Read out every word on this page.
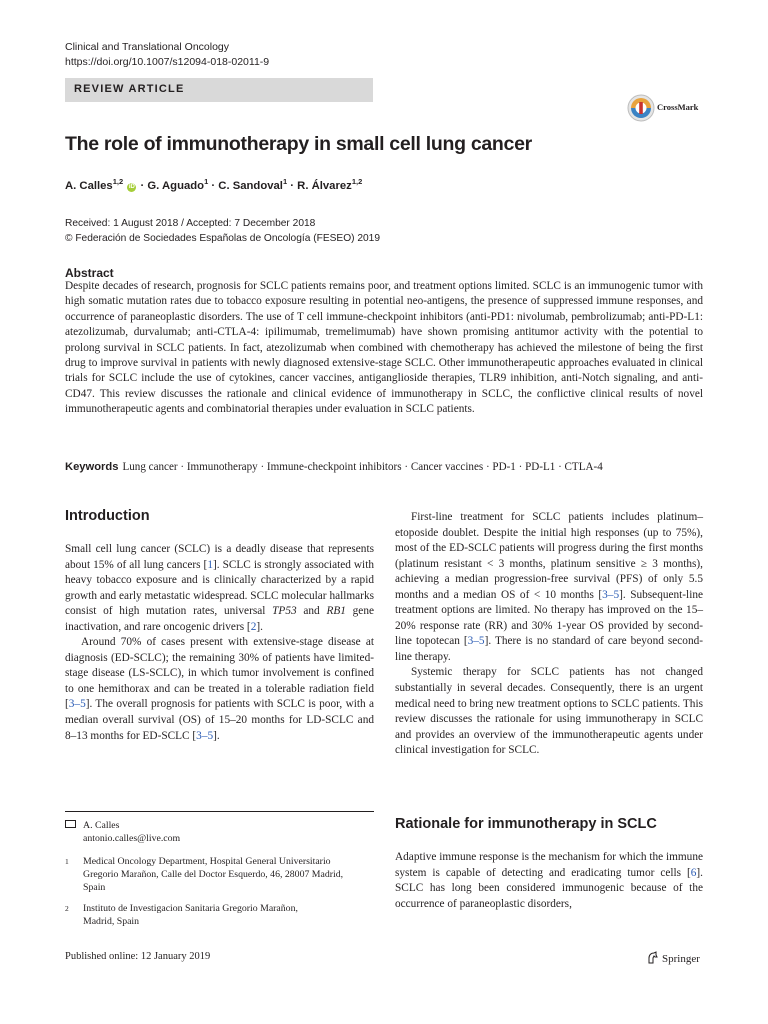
Clinical and Translational Oncology
https://doi.org/10.1007/s12094-018-02011-9
REVIEW ARTICLE
CrossMark
The role of immunotherapy in small cell lung cancer
A. Calles$^{1,2}$ iD · G. Aguado$^1$ · C. Sandoval$^1$ · R. Álvarez$^{1,2}$
Received: 1 August 2018 / Accepted: 7 December 2018
© Federación de Sociedades Españolas de Oncología (FESEO) 2019
Abstract
Despite decades of research, prognosis for SCLC patients remains poor, and treatment options limited. SCLC is an immunogenic tumor with high somatic mutation rates due to tobacco exposure resulting in potential neo-antigens, the presence of suppressed immune responses, and occurrence of paraneoplastic disorders. The use of T cell immune-checkpoint inhibitors (anti-PD1: nivolumab, pembrolizumab; anti-PD-L1: atezolizumab, durvalumab; anti-CTLA-4: ipilimumab, tremelimumab) have shown promising antitumor activity with the potential to prolong survival in SCLC patients. In fact, atezolizumab when combined with chemotherapy has achieved the milestone of being the first drug to improve survival in patients with newly diagnosed extensive-stage SCLC. Other immunotherapeutic approaches evaluated in clinical trials for SCLC include the use of cytokines, cancer vaccines, antiganglioside therapies, TLR9 inhibition, anti-Notch signaling, and anti-CD47. This review discusses the rationale and clinical evidence of immunotherapy in SCLC, the conflictive clinical results of novel immunotherapeutic agents and combinatorial therapies under evaluation in SCLC patients.
Keywords Lung cancer · Immunotherapy · Immune-checkpoint inhibitors · Cancer vaccines · PD-1 · PD-L1 · CTLA-4
Introduction

Small cell lung cancer (SCLC) is a deadly disease that represents about 15% of all lung cancers [1]. SCLC is strongly associated with heavy tobacco exposure and is clinically characterized by a rapid growth and early metastatic widespread. SCLC molecular hallmarks consist of high mutation rates, universal TP53 and RB1 gene inactivation, and rare oncogenic drivers [2].

Around 70% of cases present with extensive-stage disease at diagnosis (ED-SCLC); the remaining 30% of patients have limited-stage disease (LS-SCLC), in which tumor involvement is confined to one hemithorax and can be treated in a tolerable radiation field [3–5]. The overall prognosis for patients with SCLC is poor, with a median overall survival (OS) of 15–20 months for LD-SCLC and 8–13 months for ED-SCLC [3–5].

A. Calles
antonio.calles@live.com
1	Medical Oncology Department, Hospital General Universitario Gregorio Marañon, Calle del Doctor Esquerdo, 46, 28007 Madrid, Spain
2	Instituto de Investigacion Sanitaria Gregorio Marañon, Madrid, Spain

First-line treatment for SCLC patients includes platinum–etoposide doublet. Despite the initial high responses (up to 75%), most of the ED-SCLC patients will progress during the first months (platinum resistant < 3 months, platinum sensitive ≥ 3 months), achieving a median progression-free survival (PFS) of only 5.5 months and a median OS of < 10 months [3–5]. Subsequent-line treatment options are limited. No therapy has improved on the 15–20% response rate (RR) and 30% 1-year OS provided by second-line topotecan [3–5]. There is no standard of care beyond second-line therapy.

Systemic therapy for SCLC patients has not changed substantially in several decades. Consequently, there is an urgent medical need to bring new treatment options to SCLC patients. This review discusses the rationale for using immunotherapy in SCLC and provides an overview of the immunotherapeutic agents under clinical investigation for SCLC.

Rationale for immunotherapy in SCLC

Adaptive immune response is the mechanism for which the immune system is capable of detecting and eradicating tumor cells [6]. SCLC has long been considered immunogenic because of the occurrence of paraneoplastic disorders,

Published online: 12 January 2019	Springer
